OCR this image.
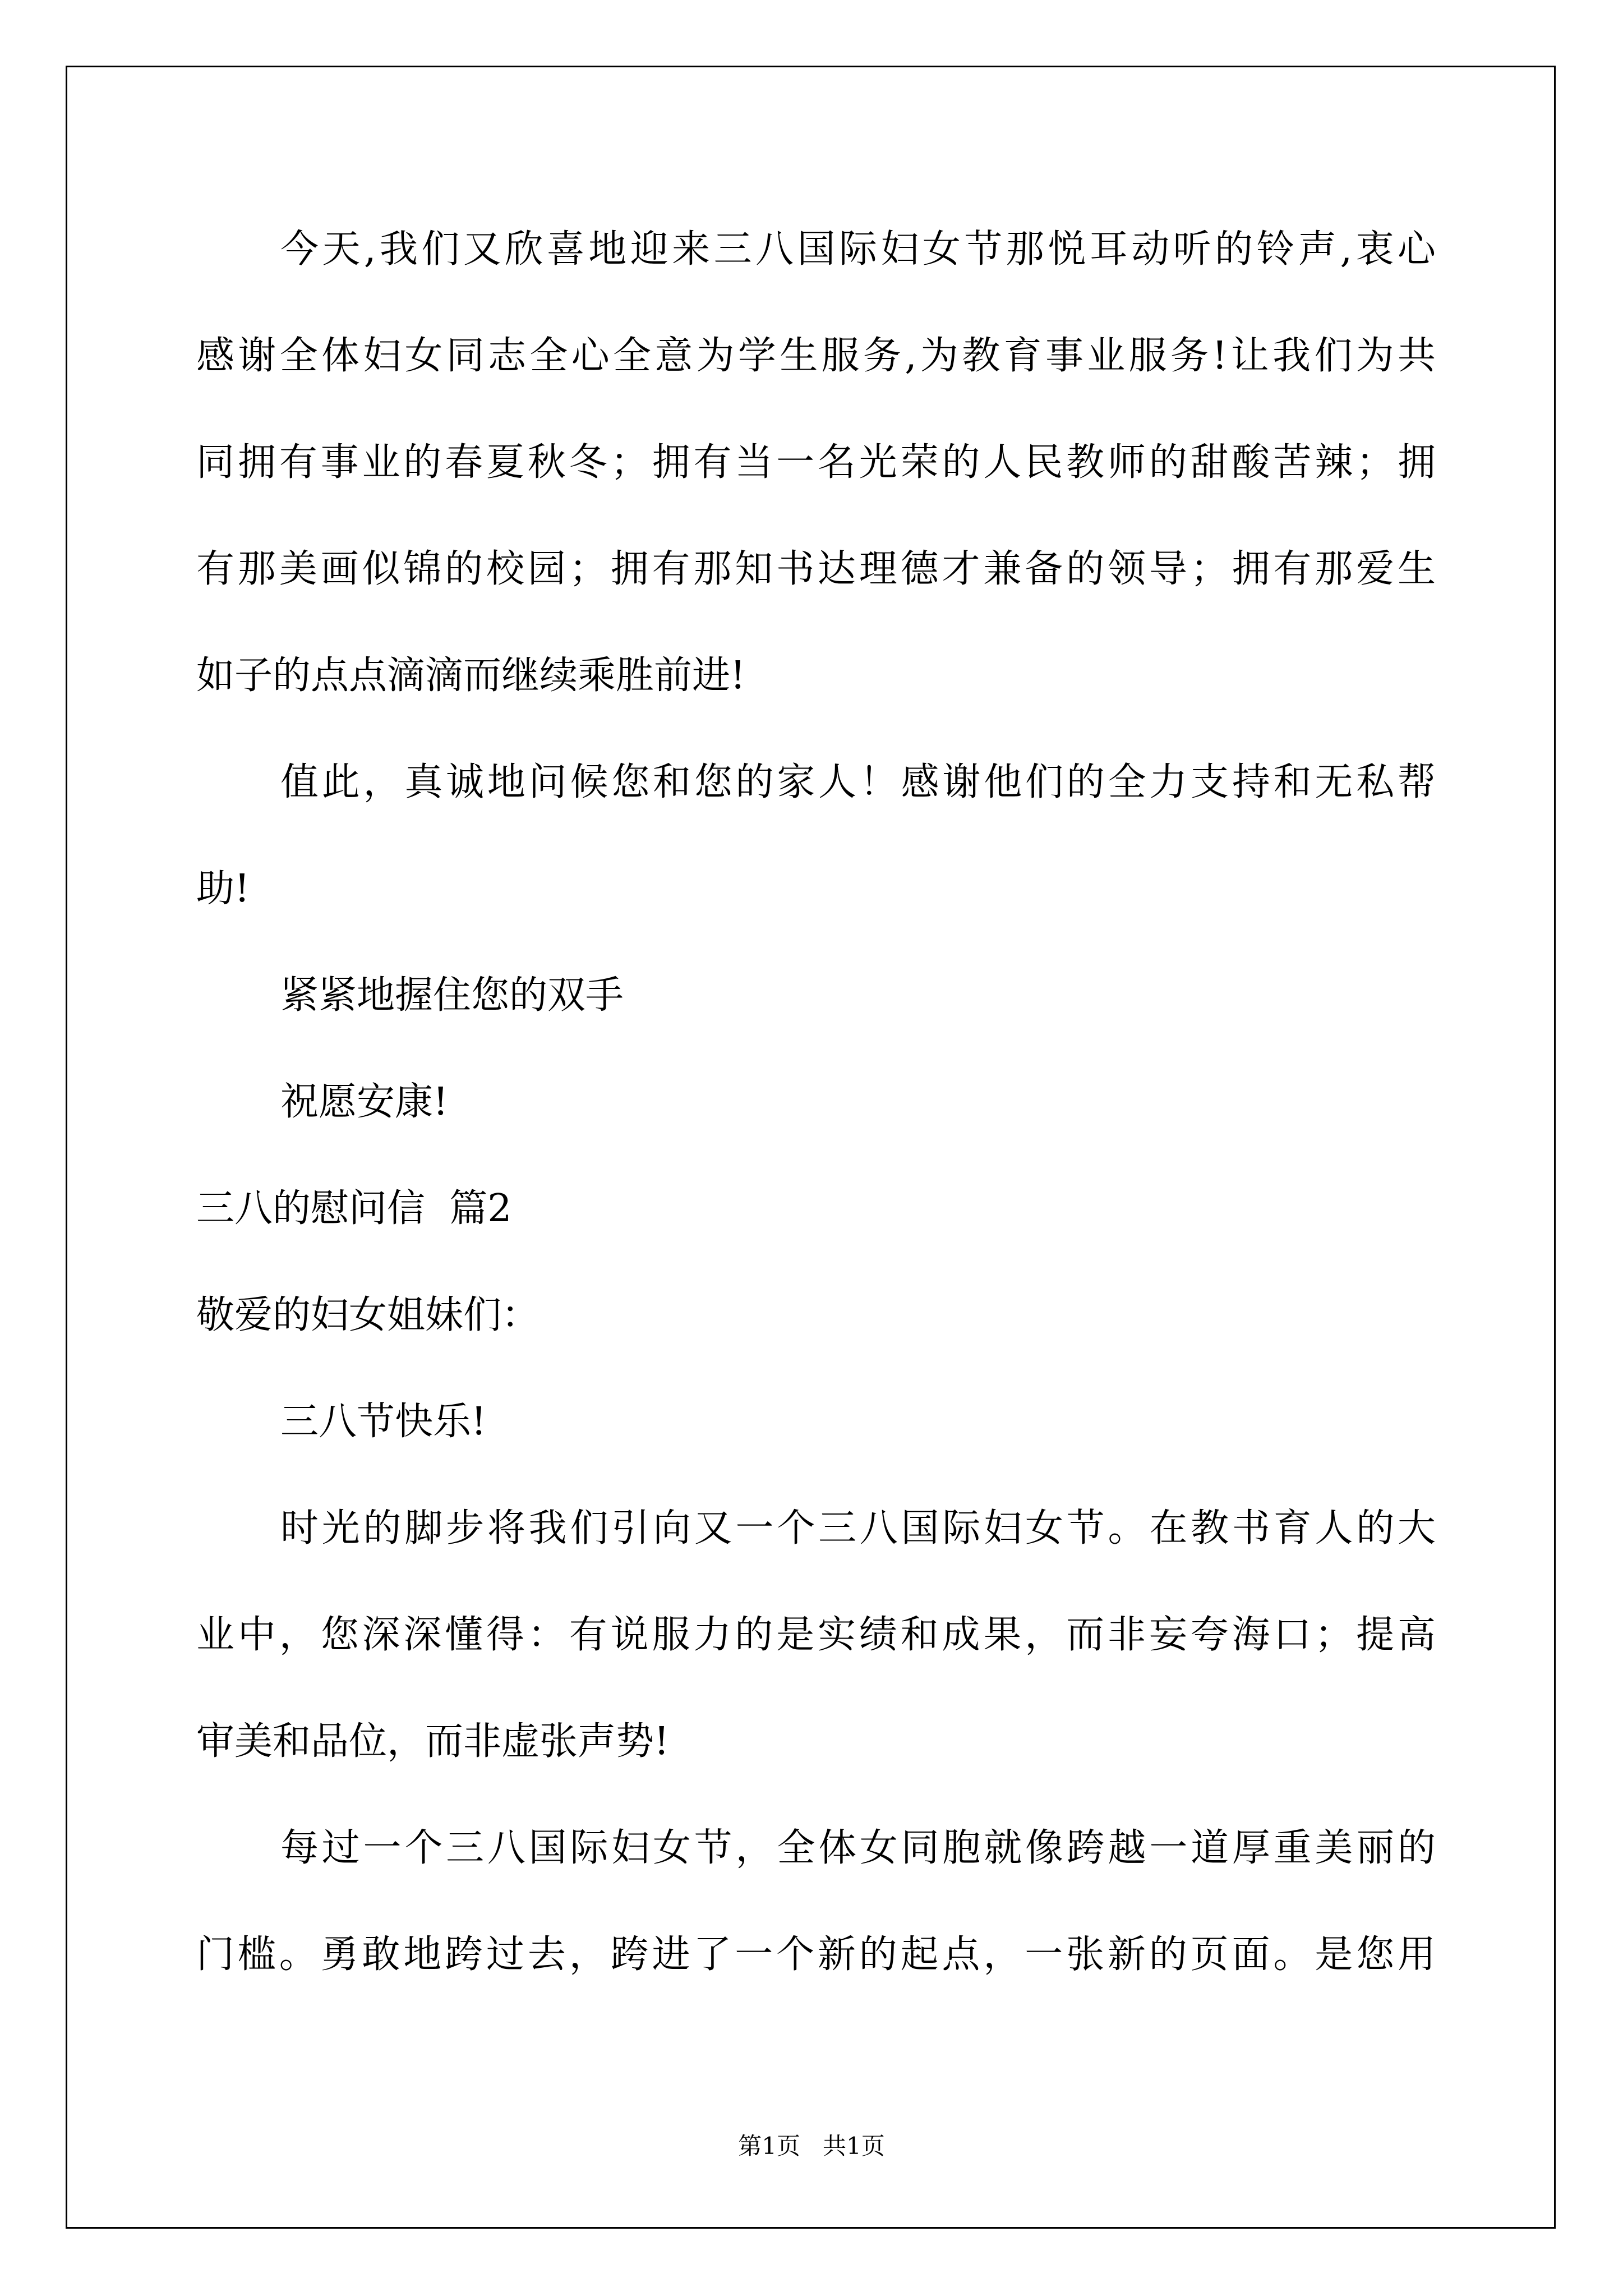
今天,我们又欣喜地迎来三八国际妇女节那悦耳动听的铃声,衷心
感谢全体妇女同志全心全意为学生服务,为教育事业服务!让我们为共
同拥有事业的春夏秋冬；拥有当一名光荣的人民教师的甜酸苦辣；拥
有那美画似锦的校园；拥有那知书达理德才兼备的领导；拥有那爱生
如子的点点滴滴而继续乘胜前进!
值此，真诚地问候您和您的家人！感谢他们的全力支持和无私帮
助!
紧紧地握住您的双手
祝愿安康!
三八的慰问信  篇2
敬爱的妇女姐妹们：
三八节快乐!
时光的脚步将我们引向又一个三八国际妇女节。在教书育人的大
业中，您深深懂得：有说服力的是实绩和成果，而非妄夸海口；提高
审美和品位，而非虚张声势!
每过一个三八国际妇女节，全体女同胞就像跨越一道厚重美丽的
门槛。勇敢地跨过去，跨进了一个新的起点，一张新的页面。是您用
第1页   共1页
